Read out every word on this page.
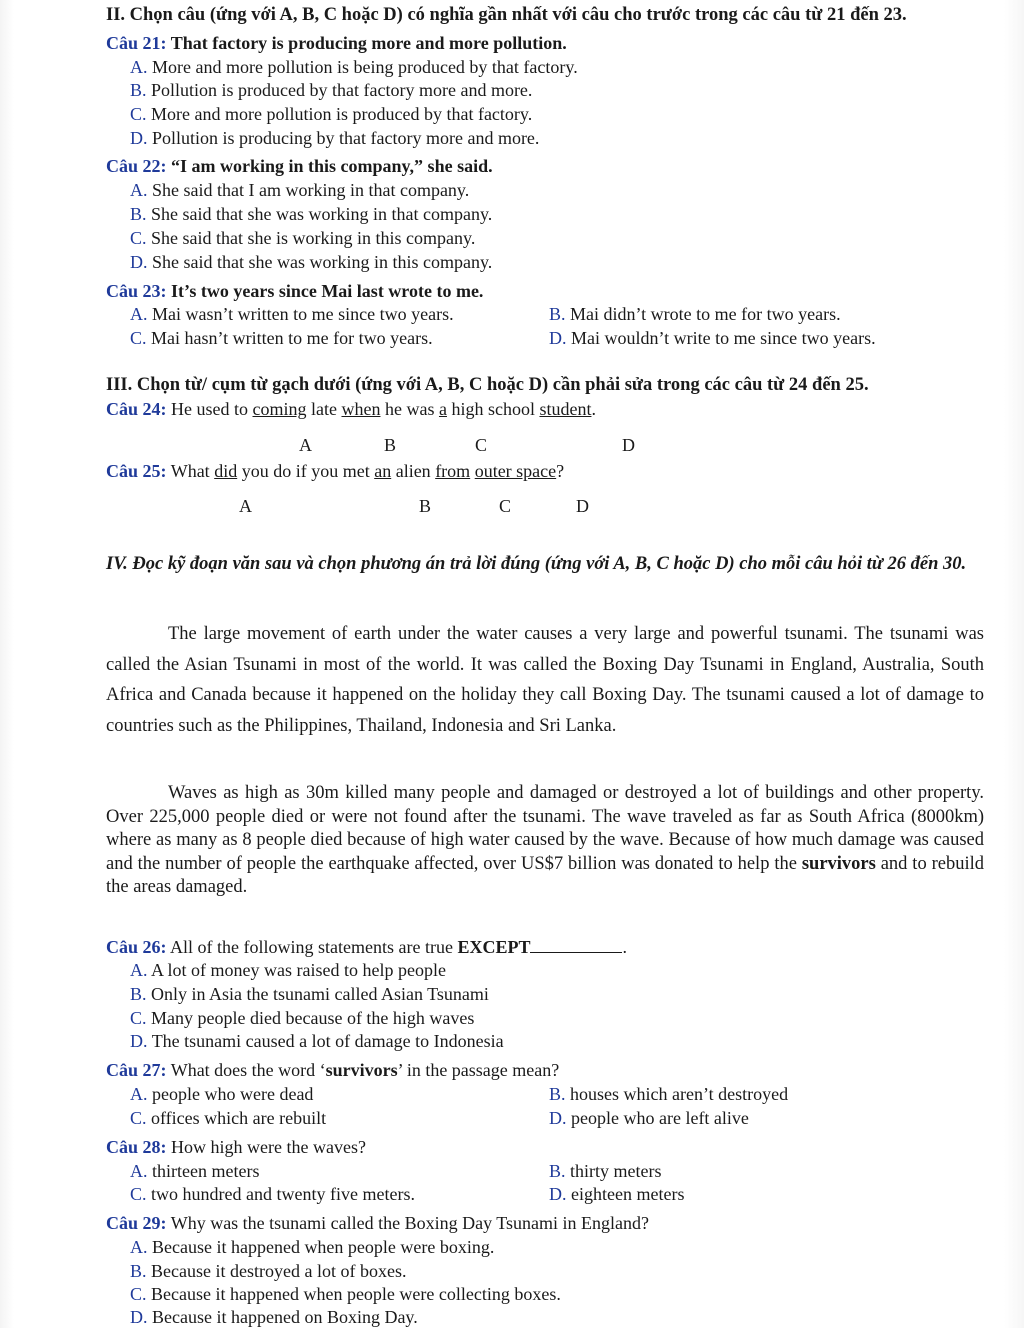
II. Chọn câu (ứng với A, B, C hoặc D) có nghĩa gần nhất với câu cho trước trong các câu từ 21 đến 23.
Câu 21: That factory is producing more and more pollution.
A. More and more pollution is being produced by that factory.
B. Pollution is produced by that factory more and more.
C. More and more pollution is produced by that factory.
D. Pollution is producing by that factory more and more.
Câu 22: “I am working in this company,” she said.
A. She said that I am working in that company.
B. She said that she was working in that company.
C. She said that she is working in this company.
D. She said that she was working in this company.
Câu 23: It’s two years since Mai last wrote to me.
A. Mai wasn’t written to me since two years.	B. Mai didn’t wrote to me for two years.
C. Mai hasn’t written to me for two years.	D. Mai wouldn’t write to me since two years.
III. Chọn từ/ cụm từ gạch dưới (ứng với A, B, C hoặc D) cần phải sửa trong các câu từ 24 đến 25.
Câu 24: He used to coming late when he was a high school student.
A	B	C	D
Câu 25: What did you do if you met an alien from outer space?
A	B	C	D
IV. Đọc kỹ đoạn văn sau và chọn phương án trả lời đúng (ứng với A, B, C hoặc D) cho mỗi câu hỏi từ 26 đến 30.
The large movement of earth under the water causes a very large and powerful tsunami. The tsunami was called the Asian Tsunami in most of the world. It was called the Boxing Day Tsunami in England, Australia, South Africa and Canada because it happened on the holiday they call Boxing Day. The tsunami caused a lot of damage to countries such as the Philippines, Thailand, Indonesia and Sri Lanka.
Waves as high as 30m killed many people and damaged or destroyed a lot of buildings and other property. Over 225,000 people died or were not found after the tsunami. The wave traveled as far as South Africa (8000km) where as many as 8 people died because of high water caused by the wave. Because of how much damage was caused and the number of people the earthquake affected, over US$7 billion was donated to help the survivors and to rebuild the areas damaged.
Câu 26: All of the following statements are true EXCEPT	.
A. A lot of money was raised to help people
B. Only in Asia the tsunami called Asian Tsunami
C. Many people died because of the high waves
D. The tsunami caused a lot of damage to Indonesia
Câu 27: What does the word ‘survivors’ in the passage mean?
A. people who were dead	B. houses which aren’t destroyed
C. offices which are rebuilt	D. people who are left alive
Câu 28: How high were the waves?
A. thirteen meters	B. thirty meters
C. two hundred and twenty five meters.	D. eighteen meters
Câu 29: Why was the tsunami called the Boxing Day Tsunami in England?
A. Because it happened when people were boxing.
B. Because it destroyed a lot of boxes.
C. Because it happened when people were collecting boxes.
D. Because it happened on Boxing Day.
